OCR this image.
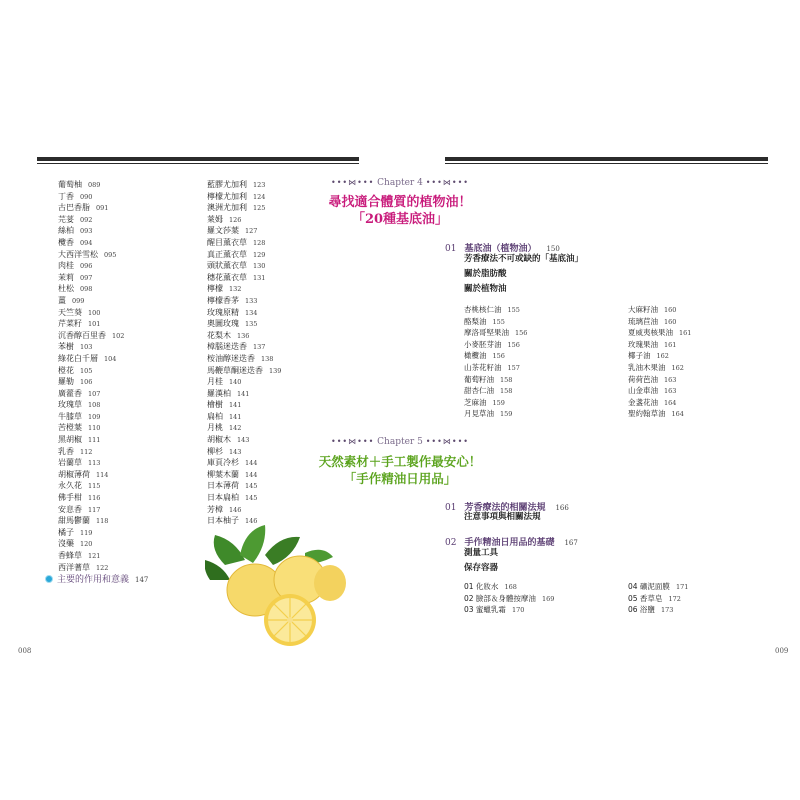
葡萄柚 089
丁香 090
古巴香脂 091
芫荽 092
絲柏 093
欖香 094
大西洋雪松 095
肉桂 096
茉莉 097
杜松 098
薑 099
天竺葵 100
芹菜籽 101
沉香醇百里香 102
苯樹 103
綠花白千層 104
橙花 105
羅勒 106
廣藿香 107
玫瑰草 108
牛膝草 109
苦橙葉 110
黑胡椒 111
乳香 112
岩蘭草 113
胡椒薄荷 114
永久花 115
佛手柑 116
安息香 117
甜馬鬱蘭 118
橘子 119
沒藥 120
香蜂草 121
西洋蓍草 122
藍膠尤加利 123
檸檬尤加利 124
澳洲尤加利 125
萊姆 126
羅文莎葉 127
醒目薰衣草 128
真正薰衣草 129
頭狀薰衣草 130
穗花薰衣草 131
檸檬 132
檸檬香茅 133
玫瑰原精 134
奧圖玫瑰 135
花梨木 136
樟腦迷迭香 137
桉油醇迷迭香 138
馬鞭草酮迷迭香 139
月桂 140
羅漢柏 141
檜樹 141
扁柏 141
月桃 142
胡椒木 143
柳杉 143
庫頁冷杉 144
柳葉木蘭 144
日本薄荷 145
日本扁柏 145
芳樟 146
日本柚子 146
主要的作用和意義 147
008	009
•••⋈••• Chapter 4 •••⋈•••
尋找適合體質的植物油！
「20種基底油」
01 基底油（植物油） 150
芳香療法不可或缺的「基底油」
關於脂肪酸
關於植物油
杏桃核仁油 155
酪梨油 155
摩洛哥堅果油 156
小麥胚芽油 156
橄欖油 156
山茶花籽油 157
葡萄籽油 158
甜杏仁油 158
芝麻油 159
月見草油 159
大麻籽油 160
琉璃苣油 160
夏威夷核果油 161
玫瑰果油 161
椰子油 162
乳油木果油 162
荷荷芭油 163
山金車油 163
金盞花油 164
聖約翰草油 164
•••⋈••• Chapter 5 •••⋈•••
天然素材＋手工製作最安心！
「手作精油日用品」
01 芳香療法的相關法規 166
注意事項與相關法規
02 手作精油日用品的基礎 167
測量工具
保存容器
01 化妝水 168
02 臉部＆身體按摩油 169
03 蜜蠟乳霜 170
04 礦泥面膜 171
05 香草皂 172
06 浴鹽 173
